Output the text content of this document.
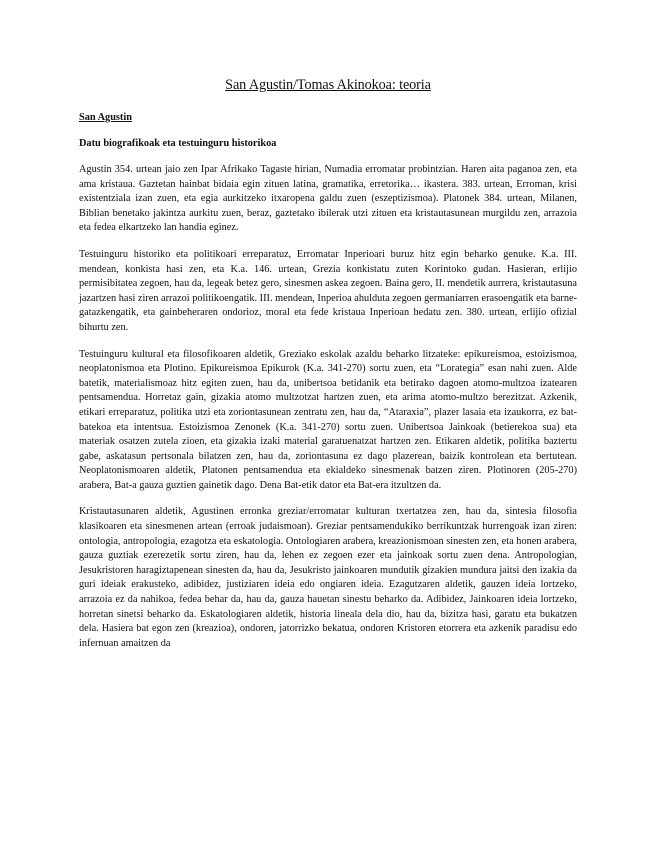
San Agustin/Tomas Akinokoa: teoria
San Agustin
Datu biografikoak eta testuinguru historikoa

Agustin 354. urtean jaio zen Ipar Afrikako Tagaste hirian, Numadia erromatar probintzian. Haren aita paganoa zen, eta ama kristaua. Gaztetan hainbat bidaia egin zituen latina, gramatika, erretorika… ikastera. 383. urtean, Erroman, krisi existentziala izan zuen, eta egia aurkitzeko itxaropena galdu zuen (eszeptizismoa). Platonek 384. urtean, Milanen, Biblian benetako jakintza aurkitu zuen, beraz, gaztetako ibilerak utzi zituen eta kristautasunean murgildu zen, arrazoia eta fedea elkartzeko lan handia eginez.

Testuinguru historiko eta politikoari erreparatuz, Erromatar Inperioari buruz hitz egin beharko genuke. K.a. III. mendean, konkista hasi zen, eta K.a. 146. urtean, Grezia konkistatu zuten Korintoko gudan. Hasieran, erlijio permisibitatea zegoen, hau da, legeak betez gero, sinesmen askea zegoen. Baina gero, II. mendetik aurrera, kristautasuna jazartzen hasi ziren arrazoi politikoengatik. III. mendean, Inperioa ahulduta zegoen germaniarren erasoengatik eta barne-gatazkengatik, eta gainbeheraren ondorioz, moral eta fede kristaua Inperioan hedatu zen. 380. urtean, erlijio ofizial bihurtu zen.

Testuinguru kultural eta filosofikoaren aldetik, Greziako eskolak azaldu beharko litzateke: epikureismoa, estoizismoa, neoplatonismoa eta Plotino. Epikureismoa Epikurok (K.a. 341-270) sortu zuen, eta “Lorategia” esan nahi zuen. Alde batetik, materialismoaz hitz egiten zuen, hau da, unibertsoa betidanik eta betirako dagoen atomo-multzoa izatearen pentsamendua. Horretaz gain, gizakia atomo multzotzat hartzen zuen, eta arima atomo-multzo berezitzat. Azkenik, etikari erreparatuz, politika utzi eta zoriontasunean zentratu zen, hau da, “Ataraxia”, plazer lasaia eta izaukorra, ez bat-batekoa eta intentsua. Estoizismoa Zenonek (K.a. 341-270) sortu zuen. Unibertsoa Jainkoak (betierekoa sua) eta materiak osatzen zutela zioen, eta gizakia izaki material garatuenatzat hartzen zen. Etikaren aldetik, politika baztertu gabe, askatasun pertsonala bilatzen zen, hau da, zoriontasuna ez dago plazerean, baizik kontrolean eta bertutean. Neoplatonismoaren aldetik, Platonen pentsamendua eta ekialdeko sinesmenak batzen ziren. Plotinoren (205-270) arabera, Bat-a gauza guztien gainetik dago. Dena Bat-etik dator eta Bat-era itzultzen da.

Kristautasunaren aldetik, Agustinen erronka greziar/erromatar kulturan txertatzea zen, hau da, sintesia filosofia klasikoaren eta sinesmenen artean (erroak judaismoan). Greziar pentsamendukiko berrikuntzak hurrengoak izan ziren: ontologia, antropologia, ezagotza eta eskatologia. Ontologiaren arabera, kreazionismoan sinesten zen, eta honen arabera, gauza guztiak ezerezetik sortu ziren, hau da, lehen ez zegoen ezer eta jainkoak sortu zuen dena. Antropologian, Jesukristoren haragiztapenean sinesten da, hau da, Jesukristo jainkoaren mundutik gizakien mundura jaitsi den izakia da guri ideiak erakusteko, adibidez, justiziaren ideia edo ongiaren ideia. Ezagutzaren aldetik, gauzen ideia lortzeko, arrazoia ez da nahikoa, fedea behar da, hau da, gauza hauetan sinestu beharko da. Adibidez, Jainkoaren ideia lortzeko, horretan sinetsi beharko da. Eskatologiaren aldetik, historia lineala dela dio, hau da, bizitza hasi, garatu eta bukatzen dela. Hasiera bat egon zen (kreazioa), ondoren, jatorrizko bekatua, ondoren Kristoren etorrera eta azkenik paradisu edo infernuan amaitzen da
